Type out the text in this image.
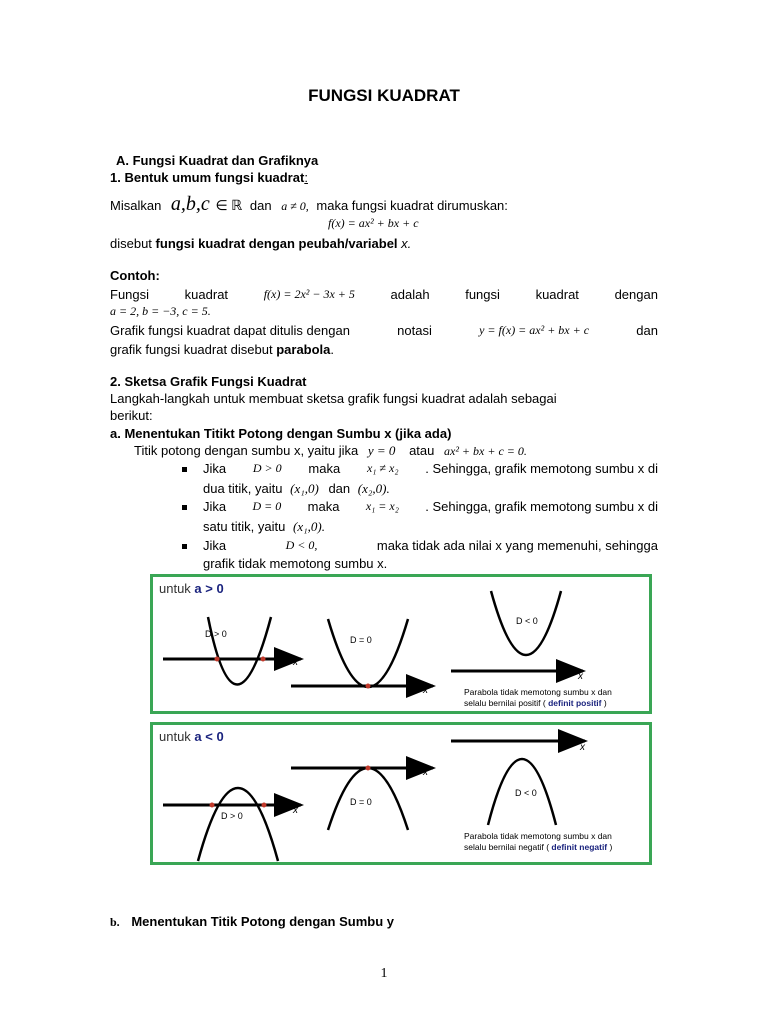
FUNGSI KUADRAT
A. Fungsi Kuadrat dan Grafiknya
1. Bentuk umum fungsi kuadrat:
Misalkan a,b,c ∈ ℝ dan a ≠ 0, maka fungsi kuadrat dirumuskan:
f(x) = ax² + bx + c
disebut fungsi kuadrat dengan peubah/variabel x.
Contoh:
Fungsi	kuadrat	f(x) = 2x² − 3x + 5	adalah	fungsi	kuadrat	dengan
a = 2, b = −3, c = 5.
Grafik fungsi kuadrat dapat ditulis dengan	notasi	y = f(x) = ax² + bx + c	dan
grafik fungsi kuadrat disebut parabola.
2. Sketsa Grafik Fungsi Kuadrat
Langkah-langkah untuk membuat sketsa grafik fungsi kuadrat adalah sebagai
berikut:
a. Menentukan Titikt Potong dengan Sumbu x (jika ada)
Titik potong dengan sumbu x, yaitu jika y = 0 atau ax² + bx + c = 0.
Jika D > 0 maka x₁ ≠ x₂ . Sehingga, grafik memotong sumbu x di
dua titik, yaitu (x₁,0) dan (x₂,0).
Jika D = 0 maka x₁ = x₂ . Sehingga, grafik memotong sumbu x di
satu titik, yaitu (x₁,0).
Jika	D < 0,	maka tidak ada nilai x yang memenuhi, sehingga
grafik tidak memotong sumbu x.
untuk a > 0
D > 0
D = 0
D < 0
x
x
x
Parabola tidak memotong sumbu x dan
selalu bernilai positif ( definit positif )
untuk a < 0
D > 0
D = 0
D < 0
x
x
x
Parabola tidak memotong sumbu x dan
selalu bernilai negatif ( definit negatif )
b. Menentukan Titik Potong dengan Sumbu y
1
